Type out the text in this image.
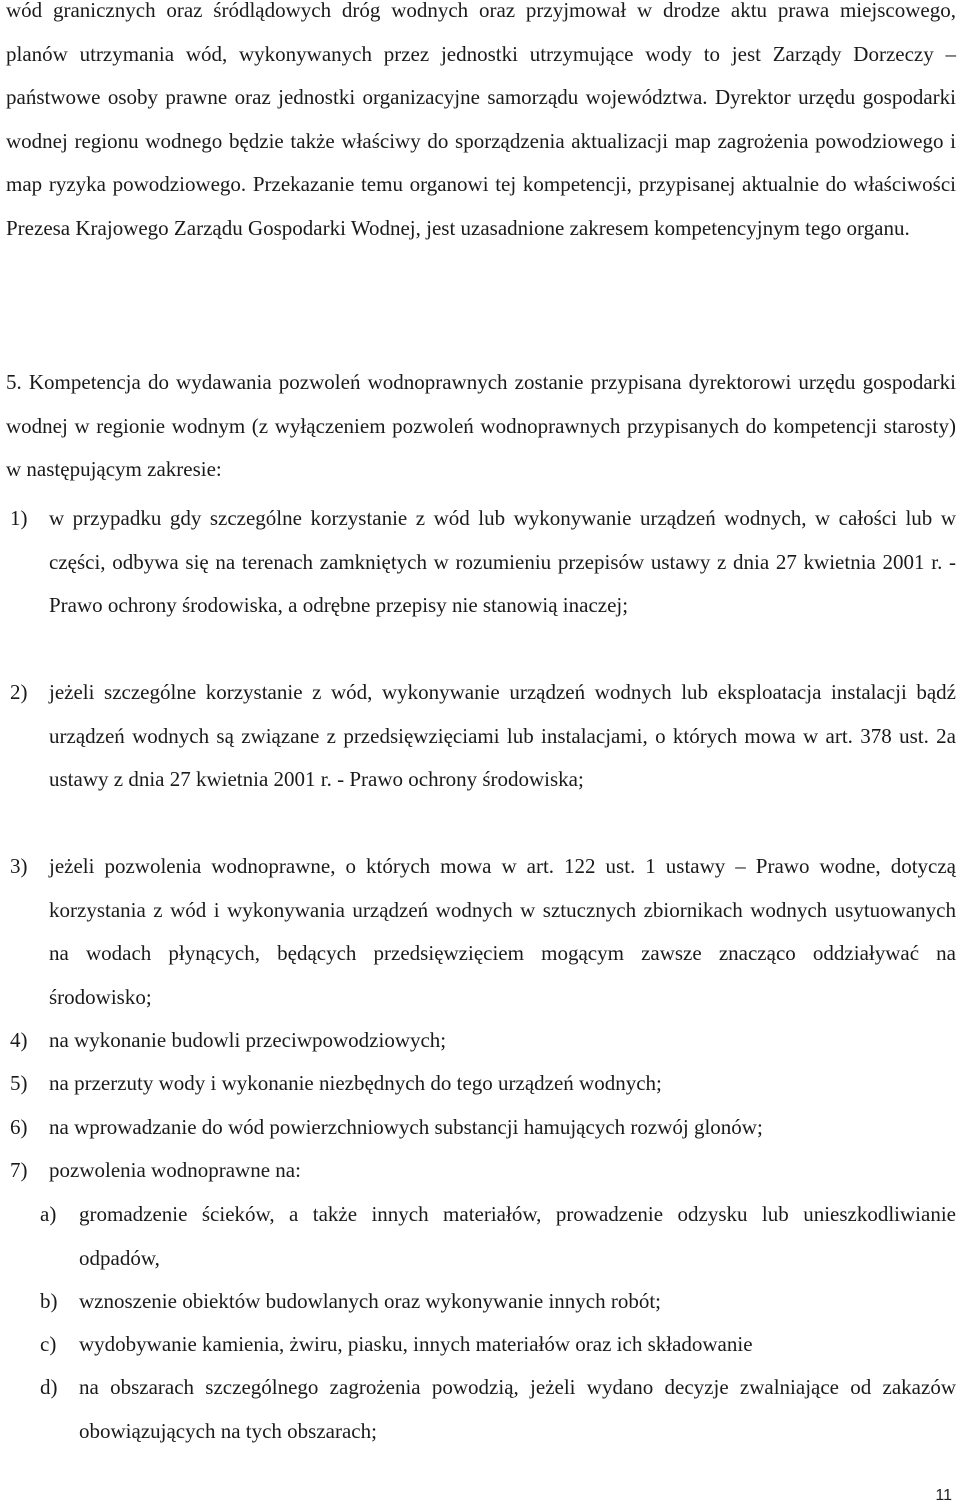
wód granicznych oraz śródlądowych dróg wodnych oraz przyjmował w drodze aktu prawa miejscowego, planów utrzymania wód, wykonywanych przez jednostki utrzymujące wody to jest Zarządy Dorzeczy – państwowe osoby prawne oraz jednostki organizacyjne samorządu województwa. Dyrektor urzędu gospodarki wodnej regionu wodnego będzie także właściwy do sporządzenia aktualizacji map zagrożenia powodziowego i map ryzyka powodziowego. Przekazanie temu organowi tej kompetencji, przypisanej aktualnie do właściwości Prezesa Krajowego Zarządu Gospodarki Wodnej, jest uzasadnione zakresem kompetencyjnym tego organu.

5. Kompetencja do wydawania pozwoleń wodnoprawnych zostanie przypisana dyrektorowi urzędu gospodarki wodnej w regionie wodnym (z wyłączeniem pozwoleń wodnoprawnych przypisanych do kompetencji starosty) w następującym zakresie:

1) w przypadku gdy szczególne korzystanie z wód lub wykonywanie urządzeń wodnych, w całości lub w części, odbywa się na terenach zamkniętych w rozumieniu przepisów ustawy z dnia 27 kwietnia 2001 r. - Prawo ochrony środowiska, a odrębne przepisy nie stanowią inaczej;
2) jeżeli szczególne korzystanie z wód, wykonywanie urządzeń wodnych lub eksploatacja instalacji bądź urządzeń wodnych są związane z przedsięwzięciami lub instalacjami, o których mowa w art. 378 ust. 2a ustawy z dnia 27 kwietnia 2001 r. - Prawo ochrony środowiska;
3) jeżeli pozwolenia wodnoprawne, o których mowa w art. 122 ust. 1 ustawy – Prawo wodne, dotyczą korzystania z wód i wykonywania urządzeń wodnych w sztucznych zbiornikach wodnych usytuowanych na wodach płynących, będących przedsięwzięciem mogącym zawsze znacząco oddziaływać na środowisko;
4) na wykonanie budowli przeciwpowodziowych;
5) na przerzuty wody i wykonanie niezbędnych do tego urządzeń wodnych;
6) na wprowadzanie do wód powierzchniowych substancji hamujących rozwój glonów;
7) pozwolenia wodnoprawne na:
a) gromadzenie ścieków, a także innych materiałów, prowadzenie odzysku lub unieszkodliwianie odpadów,
b) wznoszenie obiektów budowlanych oraz wykonywanie innych robót;
c) wydobywanie kamienia, żwiru, piasku, innych materiałów oraz ich składowanie
d) na obszarach szczególnego zagrożenia powodzią, jeżeli wydano decyzje zwalniające od zakazów obowiązujących na tych obszarach;
11
